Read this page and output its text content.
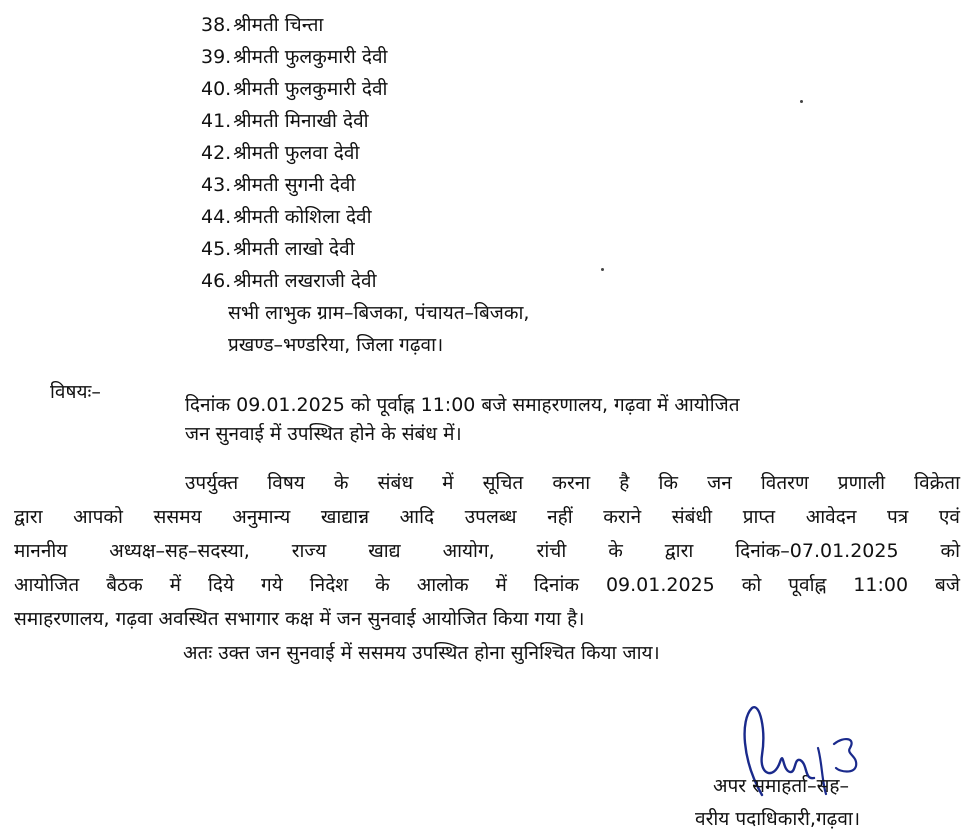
38. श्रीमती चिन्ता
39. श्रीमती फुलकुमारी देवी
40. श्रीमती फुलकुमारी देवी
41. श्रीमती मिनाखी देवी
42. श्रीमती फुलवा देवी
43. श्रीमती सुगनी देवी
44. श्रीमती कोशिला देवी
45. श्रीमती लाखो देवी
46. श्रीमती लखराजी देवी
सभी लाभुक ग्राम–बिजका, पंचायत–बिजका,
प्रखण्ड–भण्डरिया, जिला गढ़वा।
विषयः–
दिनांक 09.01.2025 को पूर्वाह्न 11:00 बजे समाहरणालय, गढ़वा में आयोजित
जन सुनवाई में उपस्थित होने के संबंध में।
उपर्युक्त विषय के संबंध में सूचित करना है कि जन वितरण प्रणाली विक्रेता
द्वारा आपको ससमय अनुमान्य खाद्यान्न आदि उपलब्ध नहीं कराने संबंधी प्राप्त आवेदन पत्र एवं
माननीय अध्यक्ष–सह–सदस्या, राज्य खाद्य आयोग, रांची के द्वारा दिनांक–07.01.2025 को
आयोजित बैठक में दिये गये निदेश के आलोक में दिनांक 09.01.2025 को पूर्वाह्न 11:00 बजे
समाहरणालय, गढ़वा अवस्थित सभागार कक्ष में जन सुनवाई आयोजित किया गया है।
अतः उक्त जन सुनवाई में ससमय उपस्थित होना सुनिश्चित किया जाय।
अपर समाहर्ता–सह–
वरीय पदाधिकारी,गढ़वा।
